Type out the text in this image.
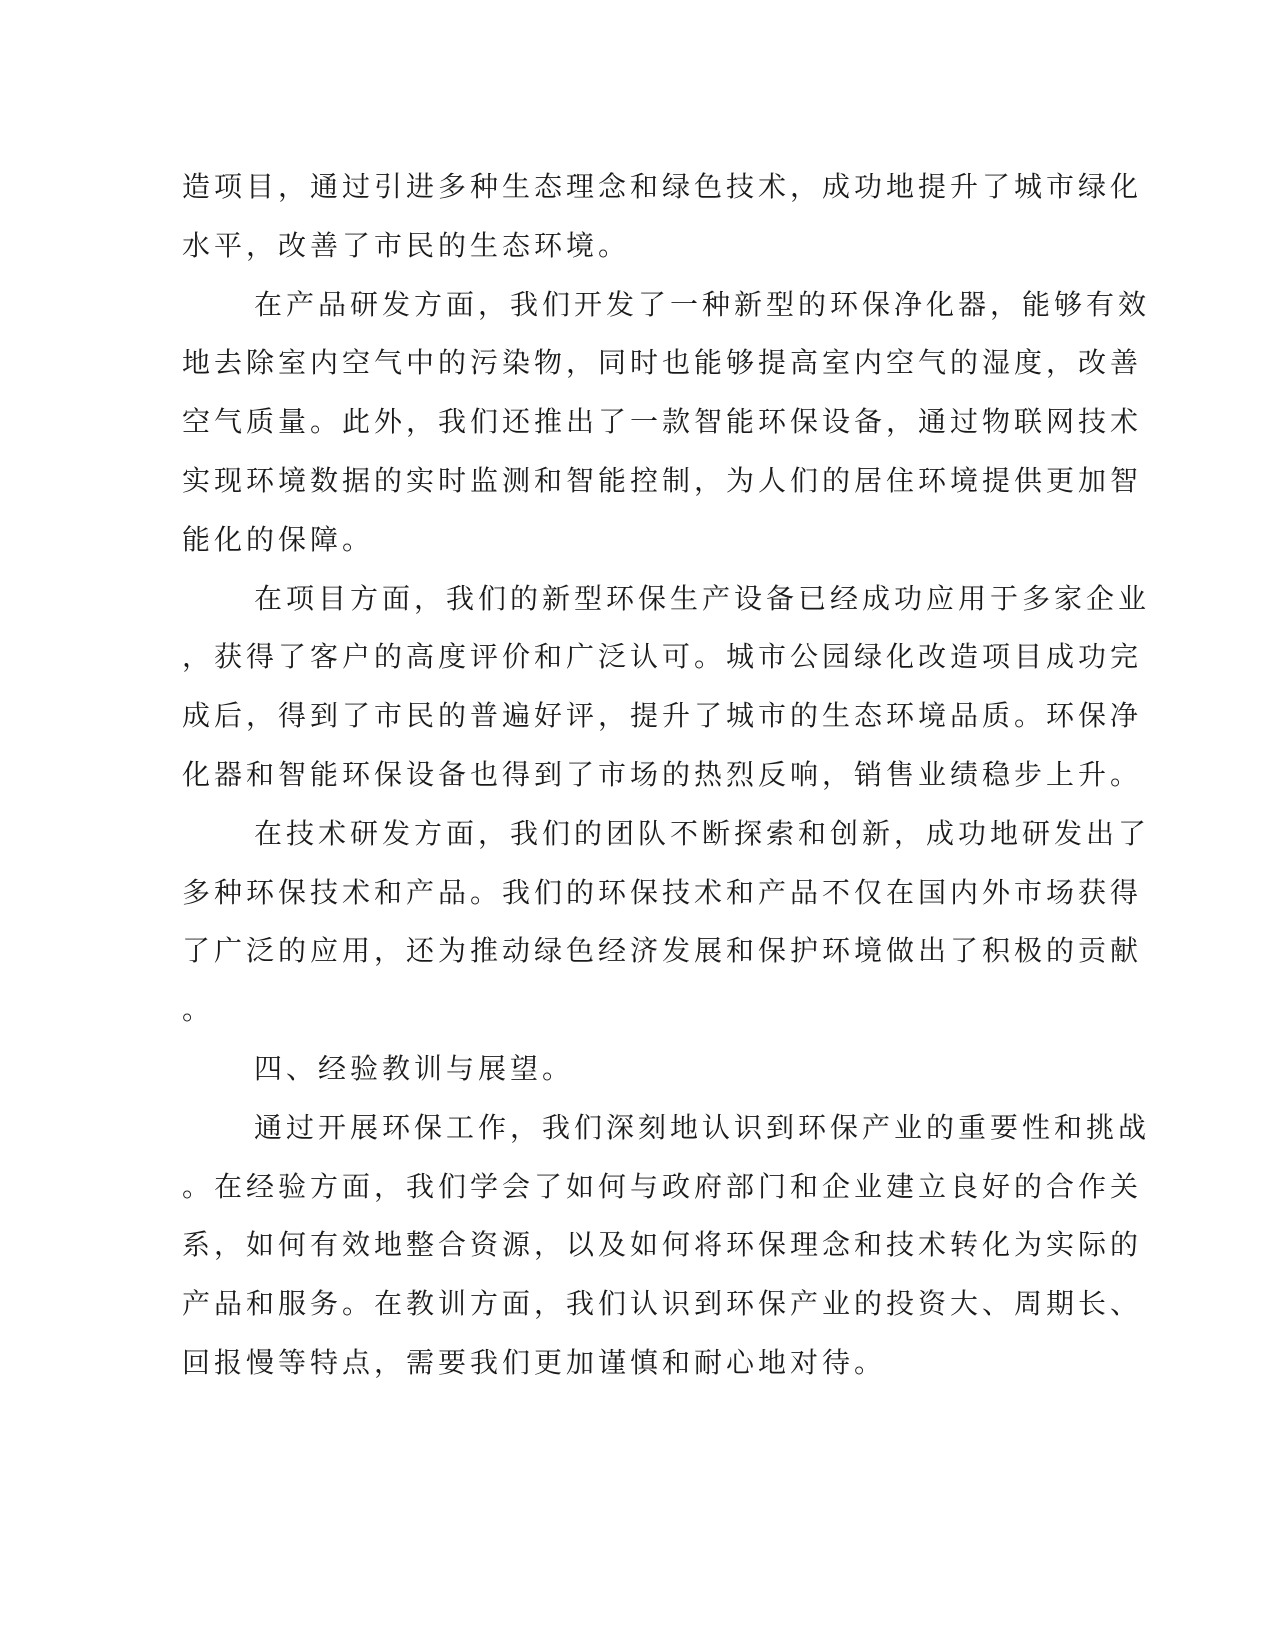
造项目，通过引进多种生态理念和绿色技术，成功地提升了城市绿化
水平，改善了市民的生态环境。
在产品研发方面，我们开发了一种新型的环保净化器，能够有效
地去除室内空气中的污染物，同时也能够提高室内空气的湿度，改善
空气质量。此外，我们还推出了一款智能环保设备，通过物联网技术
实现环境数据的实时监测和智能控制，为人们的居住环境提供更加智
能化的保障。
在项目方面，我们的新型环保生产设备已经成功应用于多家企业
，获得了客户的高度评价和广泛认可。城市公园绿化改造项目成功完
成后，得到了市民的普遍好评，提升了城市的生态环境品质。环保净
化器和智能环保设备也得到了市场的热烈反响，销售业绩稳步上升。
在技术研发方面，我们的团队不断探索和创新，成功地研发出了
多种环保技术和产品。我们的环保技术和产品不仅在国内外市场获得
了广泛的应用，还为推动绿色经济发展和保护环境做出了积极的贡献
。
四、经验教训与展望。
通过开展环保工作，我们深刻地认识到环保产业的重要性和挑战
。在经验方面，我们学会了如何与政府部门和企业建立良好的合作关
系，如何有效地整合资源，以及如何将环保理念和技术转化为实际的
产品和服务。在教训方面，我们认识到环保产业的投资大、周期长、
回报慢等特点，需要我们更加谨慎和耐心地对待。
